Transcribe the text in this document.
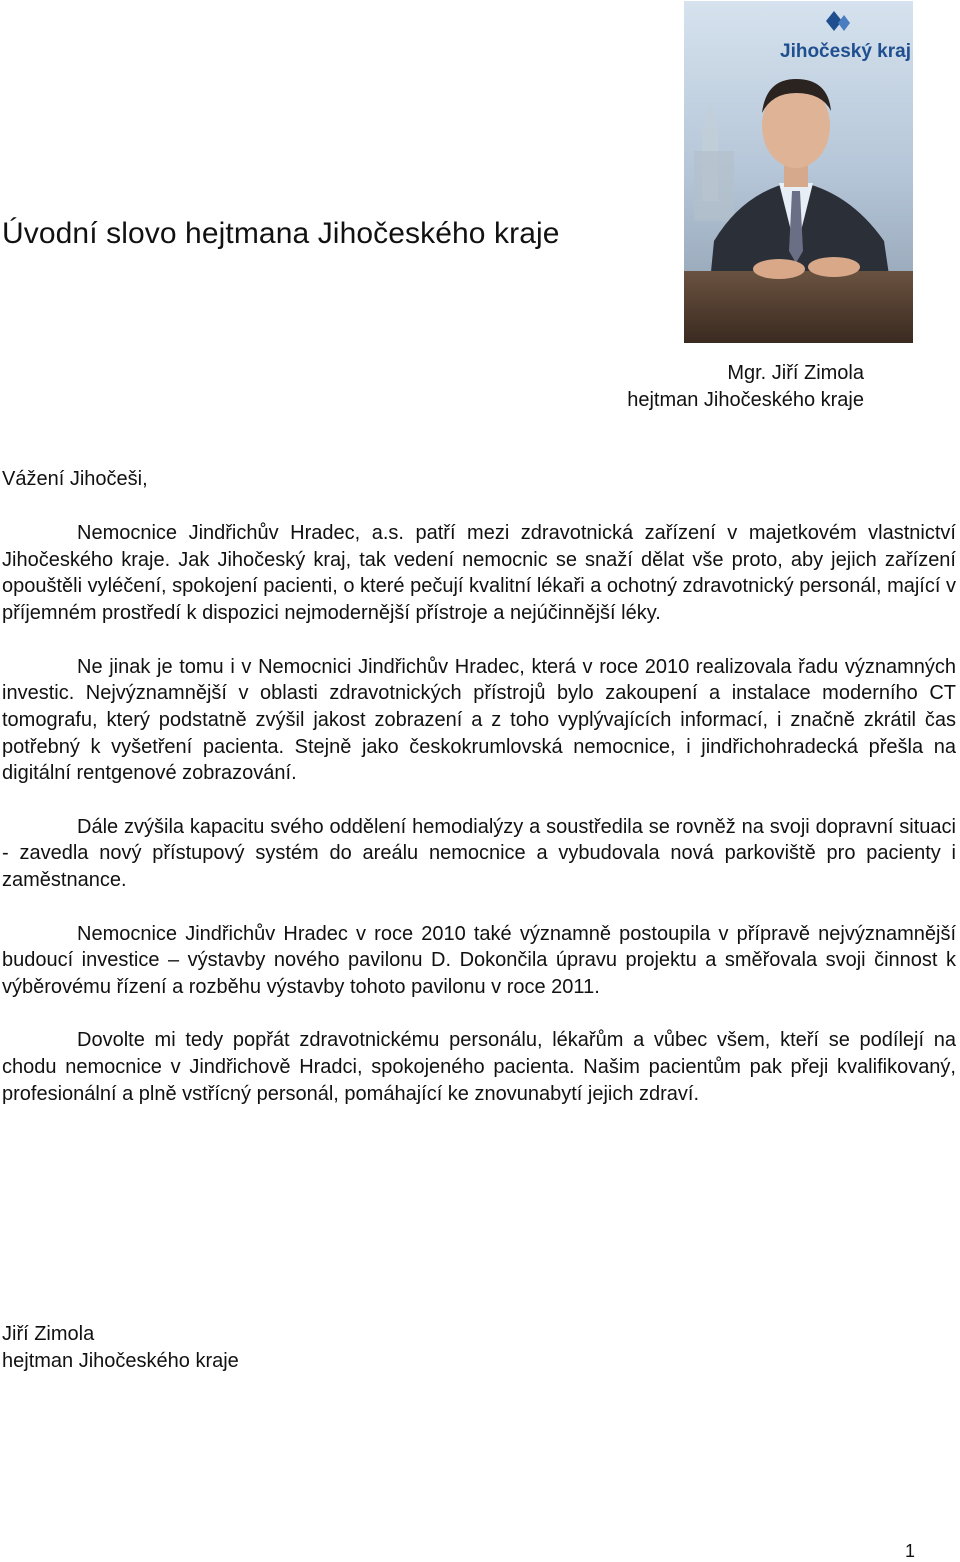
Jihočeský kraj
Úvodní slovo hejtmana Jihočeského kraje
Mgr. Jiří Zimola
hejtman Jihočeského kraje
Vážení Jihočeši,

Nemocnice Jindřichův Hradec, a.s. patří mezi zdravotnická zařízení v majetkovém vlastnictví Jihočeského kraje. Jak Jihočeský kraj, tak vedení nemocnic se snaží dělat vše proto, aby jejich zařízení opouštěli vyléčení, spokojení pacienti, o které pečují kvalitní lékaři a ochotný zdravotnický personál, mající v příjemném prostředí k dispozici nejmodernější přístroje a nejúčinnější léky.

Ne jinak je tomu i v Nemocnici Jindřichův Hradec, která v roce 2010 realizovala řadu významných investic. Nejvýznamnější v oblasti zdravotnických přístrojů bylo zakoupení a instalace moderního CT tomografu, který podstatně zvýšil jakost zobrazení a z toho vyplývajících informací, i značně zkrátil čas potřebný k vyšetření pacienta. Stejně jako českokrumlovská nemocnice, i jindřichohradecká přešla na digitální rentgenové zobrazování.

Dále zvýšila kapacitu svého oddělení hemodialýzy a soustředila se rovněž na svoji dopravní situaci - zavedla nový přístupový systém do areálu nemocnice a vybudovala nová parkoviště pro pacienty i zaměstnance.

Nemocnice Jindřichův Hradec v roce 2010 také významně postoupila v přípravě nejvýznamnější budoucí investice – výstavby nového pavilonu D. Dokončila úpravu projektu a směřovala svoji činnost k výběrovému řízení a rozběhu výstavby tohoto pavilonu v roce 2011.

Dovolte mi tedy popřát zdravotnickému personálu, lékařům a vůbec všem, kteří se podílejí na chodu nemocnice v Jindřichově Hradci, spokojeného pacienta. Našim pacientům pak přeji kvalifikovaný, profesionální a plně vstřícný personál, pomáhající ke znovunabytí jejich zdraví.

Jiří Zimola
hejtman Jihočeského kraje
1
